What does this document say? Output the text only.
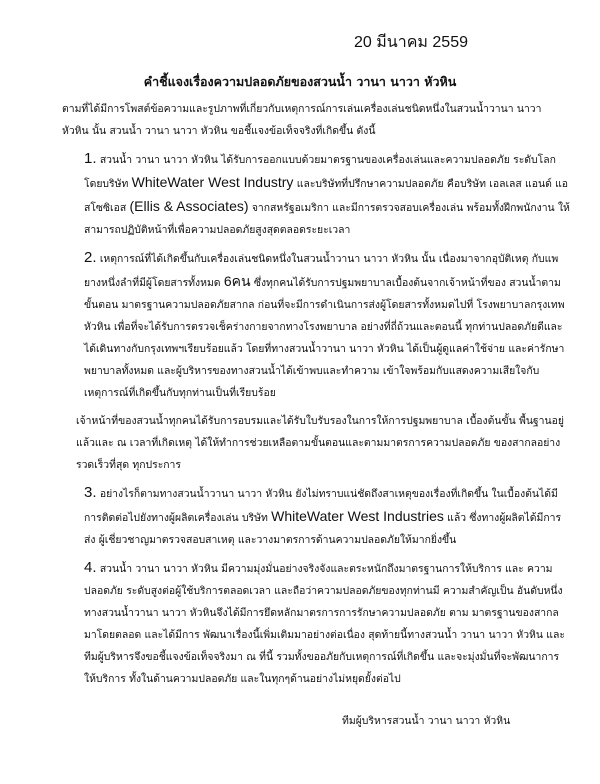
20 มีนาคม 2559
คำชี้แจงเรื่องความปลอดภัยของสวนน้ำ วานา นาวา หัวหิน

ตามที่ได้มีการโพสต์ข้อความและรูปภาพที่เกี่ยวกับเหตุการณ์การเล่นเครื่องเล่นชนิดหนึ่งในสวนน้ำวานา นาวา หัวหิน นั้น สวนน้ำ วานา นาวา หัวหิน ขอชี้แจงข้อเท็จจริงที่เกิดขึ้น ดังนี้

1. สวนน้ำ วานา นาวา หัวหิน ได้รับการออกแบบด้วยมาตรฐานของเครื่องเล่นและความปลอดภัย ระดับโลก โดยบริษัท WhiteWater West Industry และบริษัทที่ปรึกษาความปลอดภัย คือบริษัท เอลเลส แอนด์ แอสโซซิเอส (Ellis & Associates) จากสหรัฐอเมริกา และมีการตรวจสอบเครื่องเล่น พร้อมทั้งฝึกพนักงาน ให้สามารถปฏิบัติหน้าที่เพื่อความปลอดภัยสูงสุดตลอดระยะเวลา

2. เหตุการณ์ที่ได้เกิดขึ้นกับเครื่องเล่นชนิดหนึ่งในสวนน้ำวานา นาวา หัวหิน นั้น เนื่องมาจากอุบัติเหตุ กับแพยางหนึ่งลำที่มีผู้โดยสารทั้งหมด 6คน ซึ่งทุกคนได้รับการปฐมพยาบาลเบื้องต้นจากเจ้าหน้าที่ของ สวนน้ำตามขั้นตอน มาตรฐานความปลอดภัยสากล ก่อนที่จะมีการดำเนินการส่งผู้โดยสารทั้งหมดไปที่ โรงพยาบาลกรุงเทพหัวหิน เพื่อที่จะได้รับการตรวจเช็คร่างกายจากทางโรงพยาบาล อย่างที่ถี่ถ้วนและตอนนี้ ทุกท่านปลอดภัยดีและได้เดินทางกับกรุงเทพฯเรียบร้อยแล้ว โดยที่ทางสวนน้ำวานา นาวา หัวหิน ได้เป็นผู้ดูแลค่าใช้จ่าย และค่ารักษาพยาบาลทั้งหมด และผู้บริหารของทางสวนน้ำได้เข้าพบและทำความ เข้าใจพร้อมกับแสดงความเสียใจกับเหตุการณ์ที่เกิดขึ้นกับทุกท่านเป็นที่เรียบร้อย

เจ้าหน้าที่ของสวนน้ำทุกคนได้รับการอบรมและได้รับใบรับรองในการให้การปฐมพยาบาล เบื้องต้นขั้น พื้นฐานอยู่แล้วและ ณ เวลาที่เกิดเหตุ ได้ให้ทำการช่วยเหลือตามขั้นตอนและตามมาตรการความปลอดภัย ของสากลอย่างรวดเร็วที่สุด ทุกประการ

3. อย่างไรก็ตามทางสวนน้ำวานา นาวา หัวหิน ยังไม่ทราบแน่ชัดถึงสาเหตุของเรื่องที่เกิดขึ้น ในเบื้องต้นได้มี การติดต่อไปยังทางผู้ผลิตเครื่องเล่น บริษัท WhiteWater West Industries แล้ว ซึ่งทางผู้ผลิตได้มีการส่ง ผู้เชี่ยวชาญมาตรวจสอบสาเหตุ และวางมาตรการด้านความปลอดภัยให้มากยิ่งขึ้น

4. สวนน้ำ วานา นาวา หัวหิน มีความมุ่งมั่นอย่างจริงจังและตระหนักถึงมาตรฐานการให้บริการ และ ความปลอดภัย ระดับสูงต่อผู้ใช้บริการตลอดเวลา และถือว่าความปลอดภัยของทุกท่านมี ความสำคัญเป็น อันดับหนึ่งทางสวนน้ำวานา นาวา หัวหินจึงได้มีการยึดหลักมาตรการการรักษาความปลอดภัย ตาม มาตรฐานของสากลมาโดยตลอด และได้มีการ พัฒนาเรื่องนี้เพิ่มเติมมาอย่างต่อเนื่อง สุดท้ายนี้ทางสวนน้ำ วานา นาวา หัวหิน และทีมผู้บริหารจึงขอชี้แจงข้อเท็จจริงมา ณ ที่นี้ รวมทั้งขออภัยกับเหตุการณ์ที่เกิดขึ้น และจะมุ่งมั่นที่จะพัฒนาการให้บริการ ทั้งในด้านความปลอดภัย และในทุกๆด้านอย่างไม่หยุดยั้งต่อไป

ทีมผู้บริหารสวนน้ำ วานา นาวา หัวหิน
